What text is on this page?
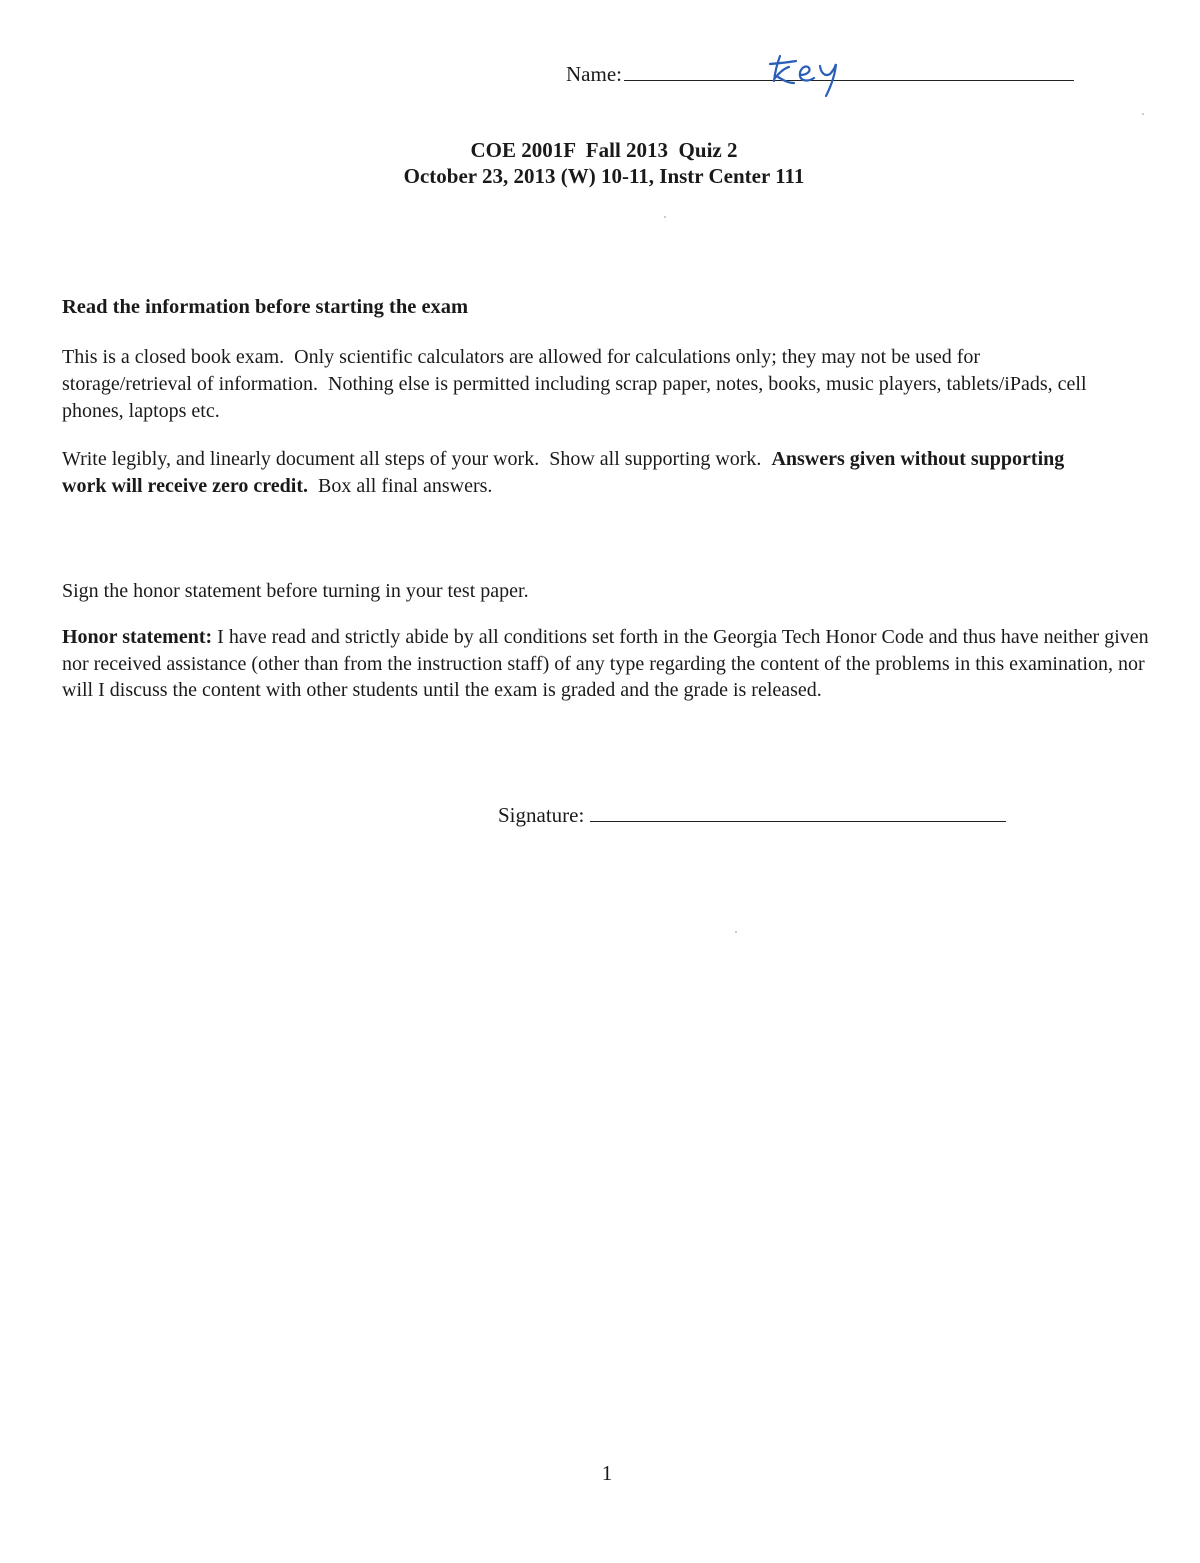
Name:
COE 2001F  Fall 2013  Quiz 2
October 23, 2013 (W) 10-11, Instr Center 111
Read the information before starting the exam
This is a closed book exam.  Only scientific calculators are allowed for calculations only; they may not be used for storage/retrieval of information.  Nothing else is permitted including scrap paper, notes, books, music players, tablets/iPads, cell phones, laptops etc.
Write legibly, and linearly document all steps of your work.  Show all supporting work.  Answers given without supporting work will receive zero credit.  Box all final answers.
Sign the honor statement before turning in your test paper.
Honor statement: I have read and strictly abide by all conditions set forth in the Georgia Tech Honor Code and thus have neither given nor received assistance (other than from the instruction staff) of any type regarding the content of the problems in this examination, nor will I discuss the content with other students until the exam is graded and the grade is released.
Signature:
1
